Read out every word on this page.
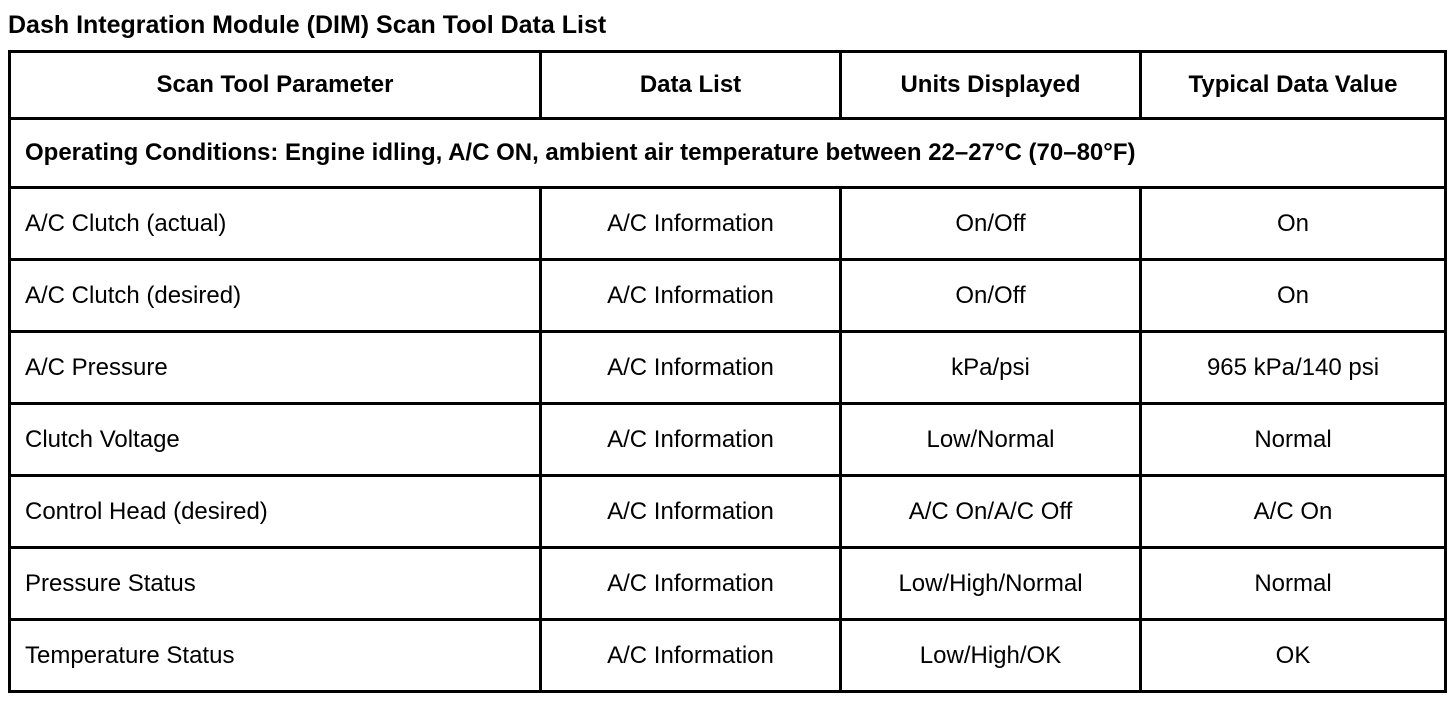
Dash Integration Module (DIM) Scan Tool Data List
Scan Tool Parameter	Data List	Units Displayed	Typical Data Value
Operating Conditions: Engine idling, A/C ON, ambient air temperature between 22–27°C (70–80°F)			
A/C Clutch (actual)	A/C Information	On/Off	On
A/C Clutch (desired)	A/C Information	On/Off	On
A/C Pressure	A/C Information	kPa/psi	965 kPa/140 psi
Clutch Voltage	A/C Information	Low/Normal	Normal
Control Head (desired)	A/C Information	A/C On/A/C Off	A/C On
Pressure Status	A/C Information	Low/High/Normal	Normal
Temperature Status	A/C Information	Low/High/OK	OK
